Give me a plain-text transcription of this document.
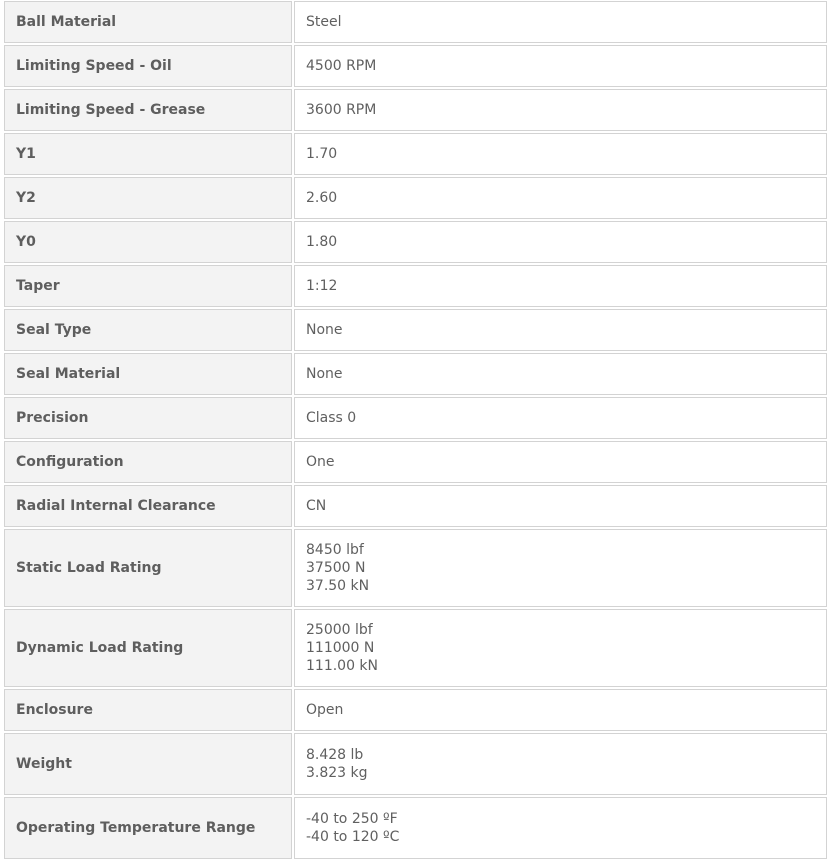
Ball Material	Steel

Limiting Speed - Oil	4500 RPM

Limiting Speed - Grease	3600 RPM

Y1	1.70

Y2	2.60

Y0	1.80

Taper	1:12

Seal Type	None

Seal Material	None

Precision	Class 0

Configuration	One

Radial Internal Clearance	CN

Static Load Rating	8450 lbf
37500 N
37.50 kN

Dynamic Load Rating	25000 lbf
111000 N
111.00 kN

Enclosure	Open

Weight	8.428 lb
3.823 kg

Operating Temperature Range	-40 to 250 ºF
-40 to 120 ºC
